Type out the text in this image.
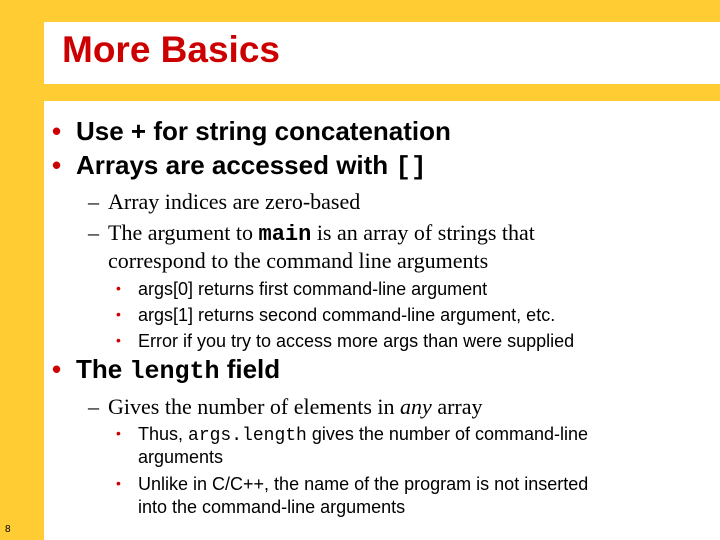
More Basics
• Use + for string concatenation
• Arrays are accessed with []
– Array indices are zero-based
– The argument to main is an array of strings that
correspond to the command line arguments
• args[0] returns first command-line argument
• args[1] returns second command-line argument, etc.
• Error if you try to access more args than were supplied
• The length field
– Gives the number of elements in any array
• Thus, args.length gives the number of command-line
arguments
• Unlike in C/C++, the name of the program is not inserted
into the command-line arguments
8
